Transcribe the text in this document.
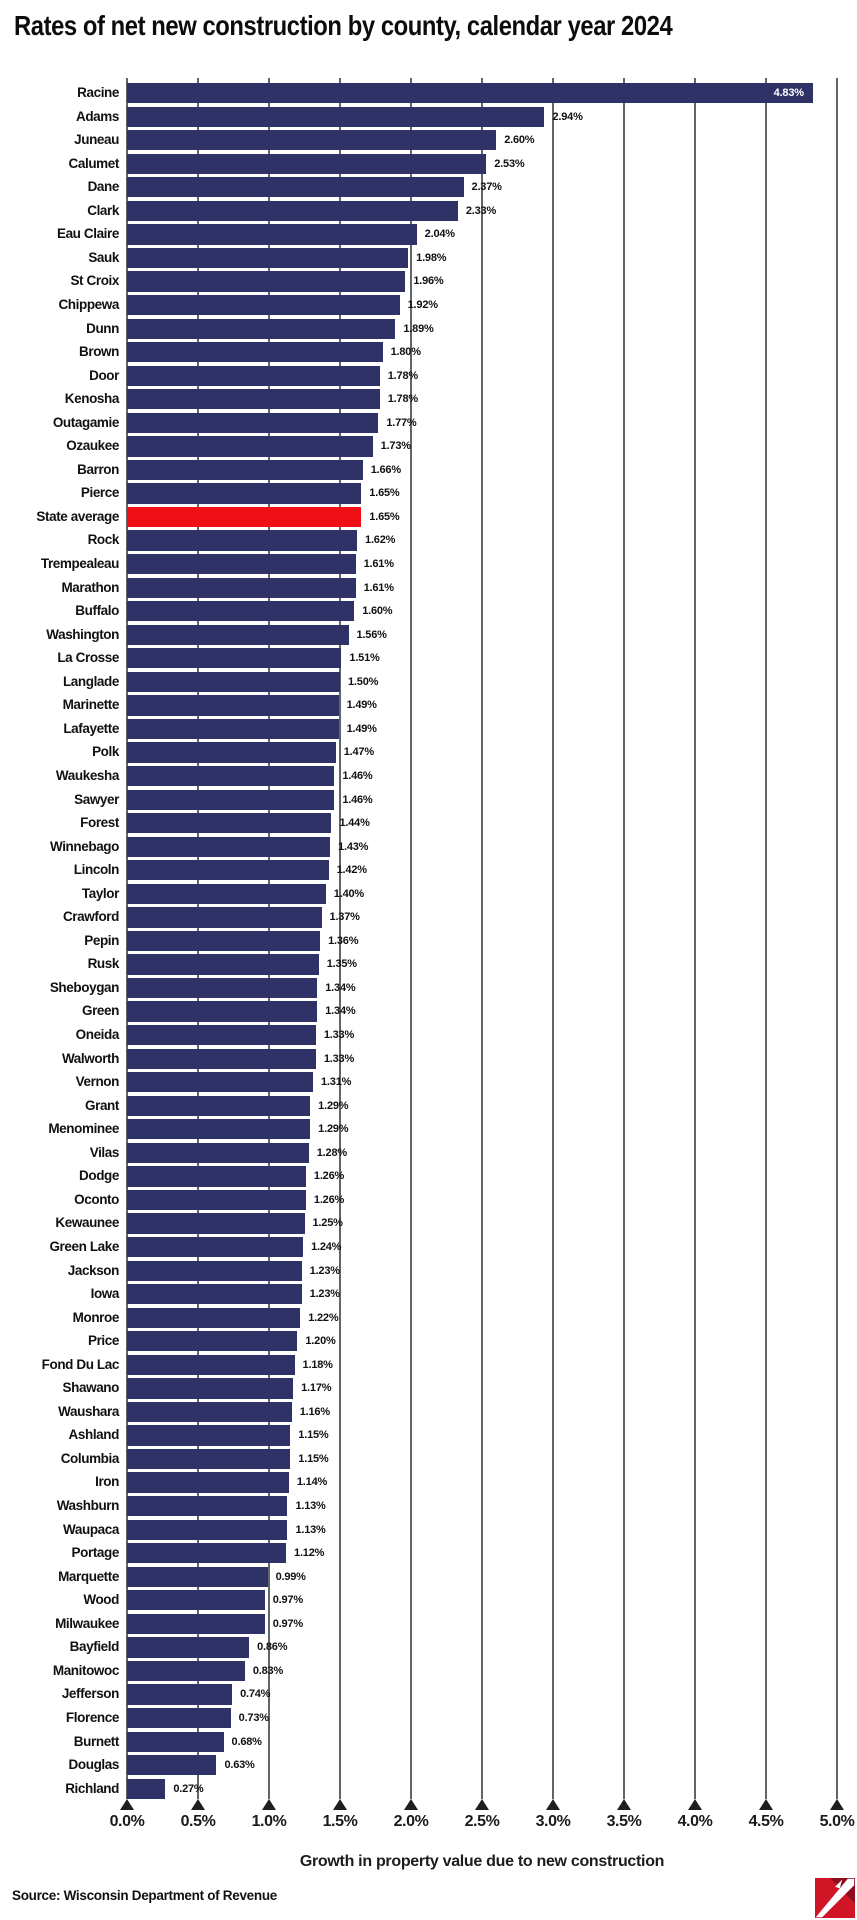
Rates of net new construction by county, calendar year 2024
0.0%	0.5%	1.0%	1.5%	2.0%	2.5%	3.0%	3.5%	4.0%	4.5%	5.0%
Racine	4.83%
Adams	2.94%
Juneau	2.60%
Calumet	2.53%
Dane	2.37%
Clark	2.33%
Eau Claire	2.04%
Sauk	1.98%
St Croix	1.96%
Chippewa	1.92%
Dunn	1.89%
Brown	1.80%
Door	1.78%
Kenosha	1.78%
Outagamie	1.77%
Ozaukee	1.73%
Barron	1.66%
Pierce	1.65%
State average	1.65%
Rock	1.62%
Trempealeau	1.61%
Marathon	1.61%
Buffalo	1.60%
Washington	1.56%
La Crosse	1.51%
Langlade	1.50%
Marinette	1.49%
Lafayette	1.49%
Polk	1.47%
Waukesha	1.46%
Sawyer	1.46%
Forest	1.44%
Winnebago	1.43%
Lincoln	1.42%
Taylor	1.40%
Crawford	1.37%
Pepin	1.36%
Rusk	1.35%
Sheboygan	1.34%
Green	1.34%
Oneida	1.33%
Walworth	1.33%
Vernon	1.31%
Grant	1.29%
Menominee	1.29%
Vilas	1.28%
Dodge	1.26%
Oconto	1.26%
Kewaunee	1.25%
Green Lake	1.24%
Jackson	1.23%
Iowa	1.23%
Monroe	1.22%
Price	1.20%
Fond Du Lac	1.18%
Shawano	1.17%
Waushara	1.16%
Ashland	1.15%
Columbia	1.15%
Iron	1.14%
Washburn	1.13%
Waupaca	1.13%
Portage	1.12%
Marquette	0.99%
Wood	0.97%
Milwaukee	0.97%
Bayfield	0.86%
Manitowoc	0.83%
Jefferson	0.74%
Florence	0.73%
Burnett	0.68%
Douglas	0.63%
Richland	0.27%
Growth in property value due to new construction
Source: Wisconsin Department of Revenue
